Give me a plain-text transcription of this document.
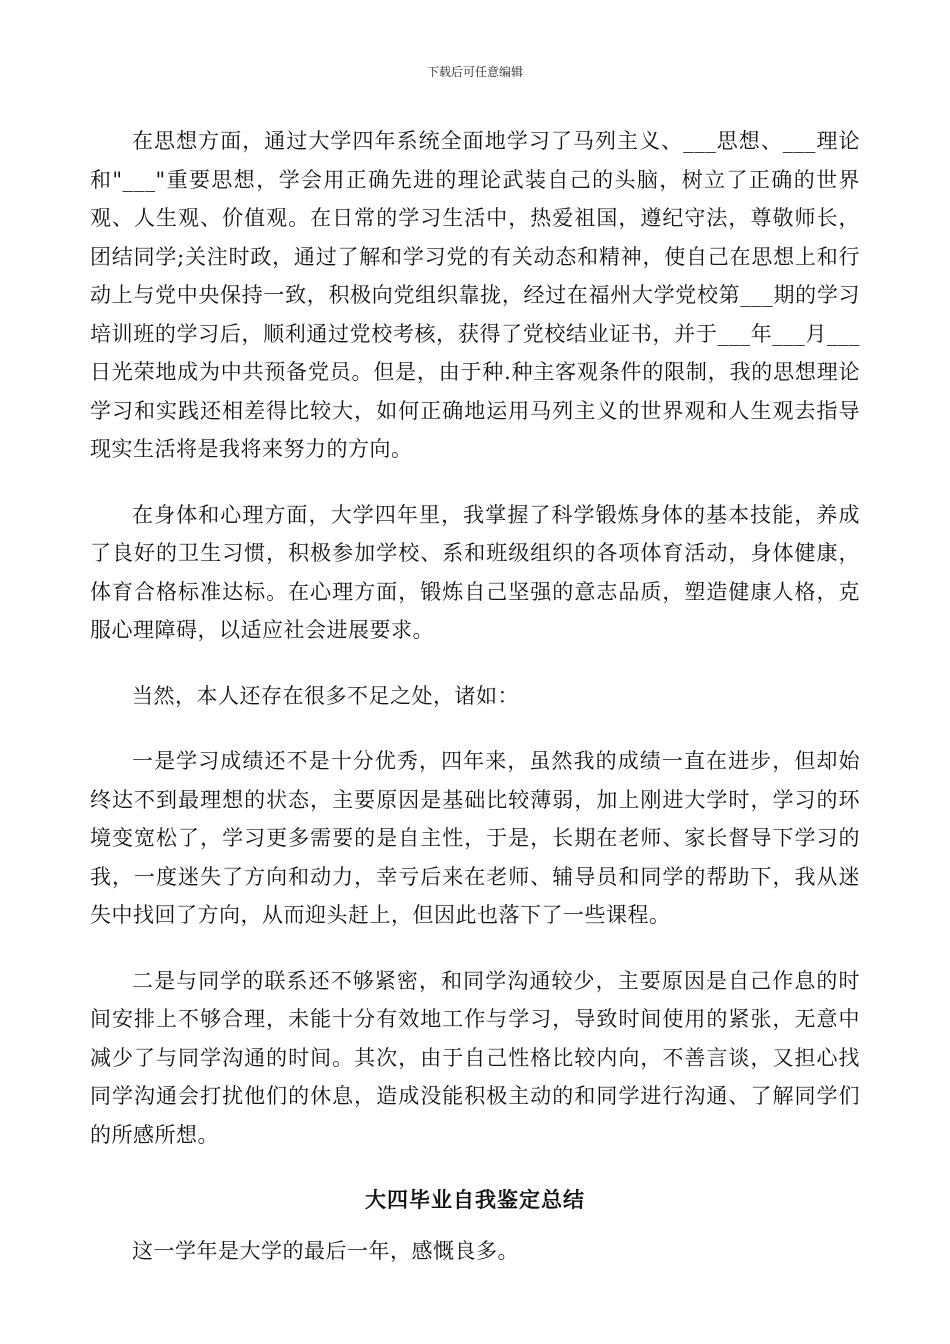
下载后可任意编辑

在思想方面，通过大学四年系统全面地学习了马列主义、___思想、___理论和"___"重要思想，学会用正确先进的理论武装自己的头脑，树立了正确的世界观、人生观、价值观。在日常的学习生活中，热爱祖国，遵纪守法，尊敬师长，团结同学;关注时政，通过了解和学习党的有关动态和精神，使自己在思想上和行动上与党中央保持一致，积极向党组织靠拢，经过在福州大学党校第___期的学习培训班的学习后，顺利通过党校考核，获得了党校结业证书，并于___年___月___日光荣地成为中共预备党员。但是，由于种.种主客观条件的限制，我的思想理论学习和实践还相差得比较大，如何正确地运用马列主义的世界观和人生观去指导现实生活将是我将来努力的方向。

在身体和心理方面，大学四年里，我掌握了科学锻炼身体的基本技能，养成了良好的卫生习惯，积极参加学校、系和班级组织的各项体育活动，身体健康，体育合格标准达标。在心理方面，锻炼自己坚强的意志品质，塑造健康人格，克服心理障碍，以适应社会进展要求。

当然，本人还存在很多不足之处，诸如：

一是学习成绩还不是十分优秀，四年来，虽然我的成绩一直在进步，但却始终达不到最理想的状态，主要原因是基础比较薄弱，加上刚进大学时，学习的环境变宽松了，学习更多需要的是自主性，于是，长期在老师、家长督导下学习的我，一度迷失了方向和动力，幸亏后来在老师、辅导员和同学的帮助下，我从迷失中找回了方向，从而迎头赶上，但因此也落下了一些课程。

二是与同学的联系还不够紧密，和同学沟通较少，主要原因是自己作息的时间安排上不够合理，未能十分有效地工作与学习，导致时间使用的紧张，无意中减少了与同学沟通的时间。其次，由于自己性格比较内向，不善言谈，又担心找同学沟通会打扰他们的休息，造成没能积极主动的和同学进行沟通、了解同学们的所感所想。

大四毕业自我鉴定总结

这一学年是大学的最后一年，感慨良多。
